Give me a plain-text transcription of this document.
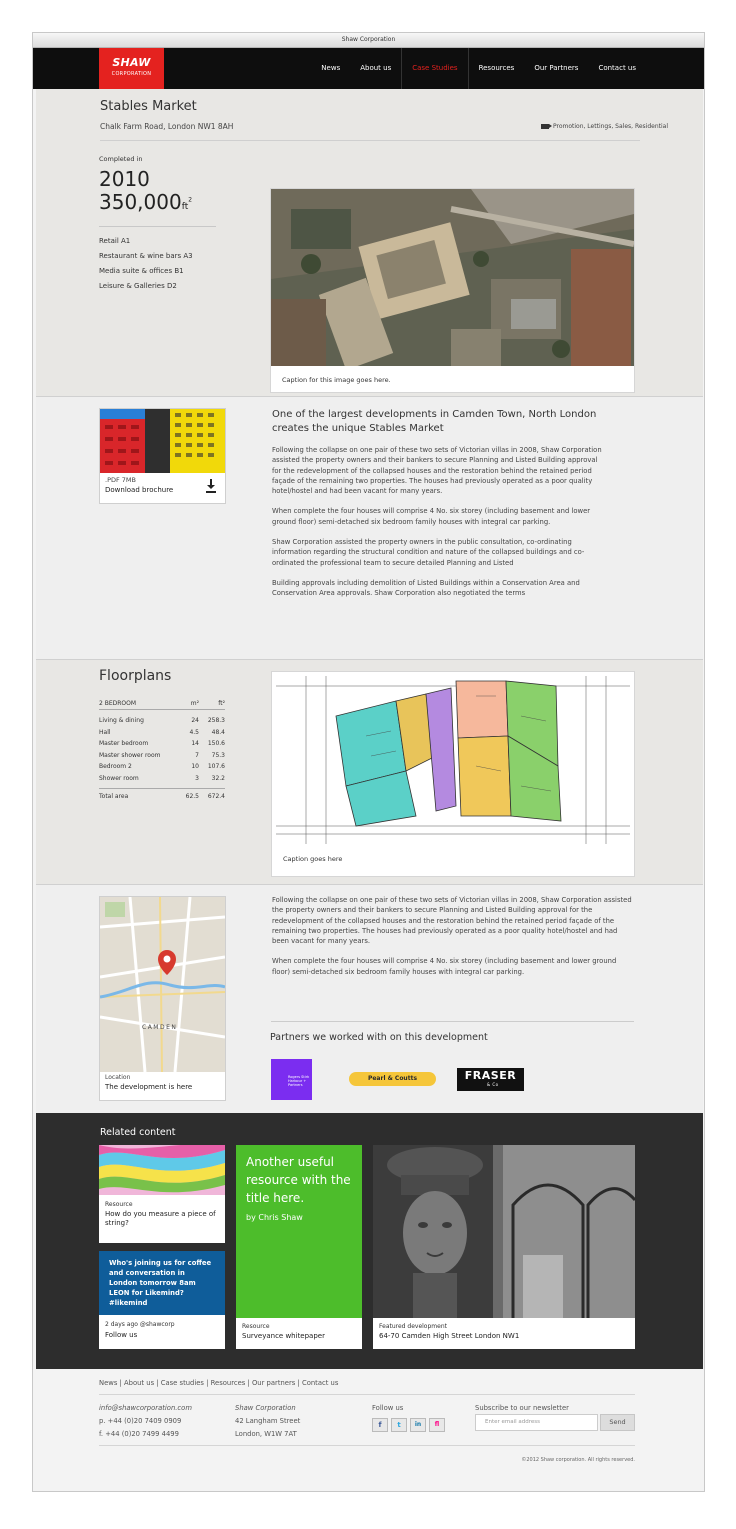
Shaw Corporation
SHAW
CORPORATION
News	About us	Case Studies	Resources	Our Partners	Contact us
Stables Market
Chalk Farm Road, London NW1 8AH	Promotion, Lettings, Sales, Residential
Completed in
2010
$350,000ft^2$
Retail A1
Restaurant & wine bars A3
Media suite & offices B1
Leisure & Galleries D2
Caption for this image goes here.
.PDF 7MB
Download brochure
One of the largest developments in Camden Town, North London creates the unique Stables Market

Following the collapse on one pair of these two sets of Victorian villas in 2008, Shaw Corporation assisted the property owners and their bankers to secure Planning and Listed Building approval for the redevelopment of the collapsed houses and the restoration behind the retained period façade of the remaining two properties. The houses had previously operated as a poor quality hotel/hostel and had been vacant for many years.

When complete the four houses will comprise 4 No. six storey (including basement and lower ground floor) semi-detached six bedroom family houses with integral car parking.

Shaw Corporation assisted the property owners in the public consultation, co-ordinating information regarding the structural condition and nature of the collapsed buildings and co-ordinated the professional team to secure detailed Planning and Listed

Building approvals including demolition of Listed Buildings within a Conservation Area and Conservation Area approvals. Shaw Corporation also negotiated the terms

Floorplans
2 BEDROOM	m²	ft²
Living & dining	24	258.3
Hall	4.5	48.4
Master bedroom	14	150.6
Master shower room	7	75.3
Bedroom 2	10	107.6
Shower room	3	32.2
Total area	62.5	672.4
Caption goes here
CAMDEN
Location
The development is here

Following the collapse on one pair of these two sets of Victorian villas in 2008, Shaw Corporation assisted the property owners and their bankers to secure Planning and Listed Building approval for the redevelopment of the collapsed houses and the restoration behind the retained period façade of the remaining two properties. The houses had previously operated as a poor quality hotel/hostel and had been vacant for many years.

When complete the four houses will comprise 4 No. six storey (including basement and lower ground floor) semi-detached six bedroom family houses with integral car parking.

Partners we worked with on this development
Rogers Stirk Harbour + Partners
Pearl & Coutts	FRASER
& Co
Related content
Resource
How do you measure a piece of string?
Who's joining us for coffee and conversation in London tomorrow 8am LEON for Likemind? #likemind
2 days ago @shawcorp
Follow us
Another useful resource with the title here.
by Chris Shaw
Resource
Surveyance whitepaper
Featured development
64-70 Camden High Street London NW1
News | About us | Case studies | Resources | Our partners | Contact us
info@shawcorporation.com
p. +44 (0)20 7409 0909
f. +44 (0)20 7499 4499
Shaw Corporation
42 Langham Street
London, W1W 7AT
Follow us
f	t	in	fl
Subscribe to our newsletter
Enter email address	Send
©2012 Shaw corporation. All rights reserved.
